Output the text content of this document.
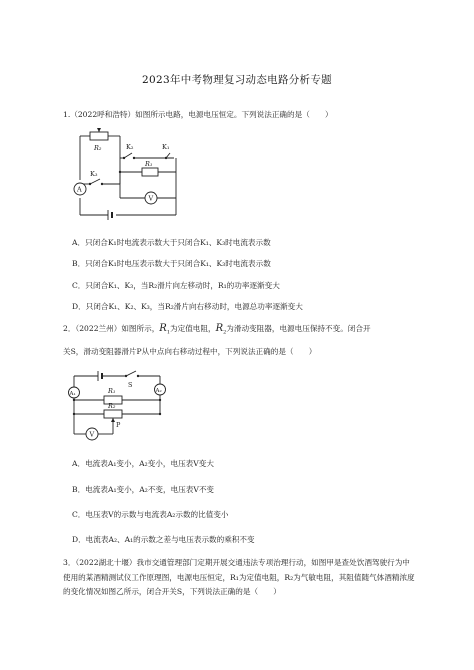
2023年中考物理复习动态电路分析专题
1.（2022呼和浩特）如图所示电路，电源电压恒定。下列说法正确的是（　　）
R₂	K₂	K₁
R₁
K₃
A
V
A．只闭合K₁时电流表示数大于只闭合K₁、K₃时电流表示数
B．只闭合K₁时电压表示数大于只闭合K₁、K₃时电流表示数
C．只闭合K₁、K₃，当R₂滑片向左移动时，R₁的功率逐渐变大
D．只闭合K₁、K₂、K₃，当R₂滑片向右移动时，电源总功率逐渐变大
2．（2022兰州）如图所示，$R_1$为定值电阻，$R_2$为滑动变阻器，电源电压保持不变。闭合开
关S，滑动变阻器滑片P从中点向右移动过程中，下列说法正确的是（　　）
S
R₁
R₂
A₁	A₂
P
V
A．电流表A₁变小，A₂变小，电压表V变大
B．电流表A₁变小，A₂不变，电压表V不变
C．电压表V的示数与电流表A₂示数的比值变小
D．电流表A₂、A₁的示数之差与电压表示数的乘积不变
3．（2022湖北十堰）我市交通管理部门定期开展交通违法专项治理行动，如图甲是查处饮酒驾驶行为中使用的某酒精测试仪工作原理图，电源电压恒定，R₁为定值电阻，R₂为气敏电阻，其阻值随气体酒精浓度的变化情况如图乙所示，闭合开关S，下列说法正确的是（　　）
